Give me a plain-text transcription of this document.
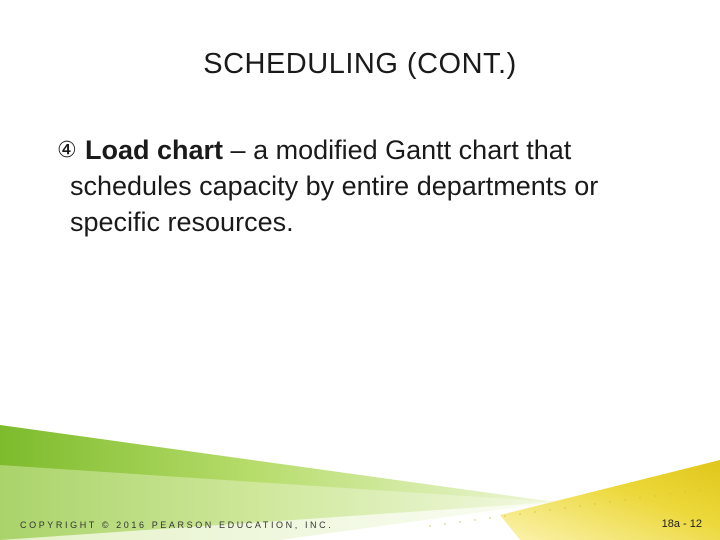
SCHEDULING (CONT.)
④ Load chart – a modified Gantt chart that schedules capacity by entire departments or specific resources.
COPYRIGHT © 2016 PEARSON EDUCATION, INC.	18a - 12
